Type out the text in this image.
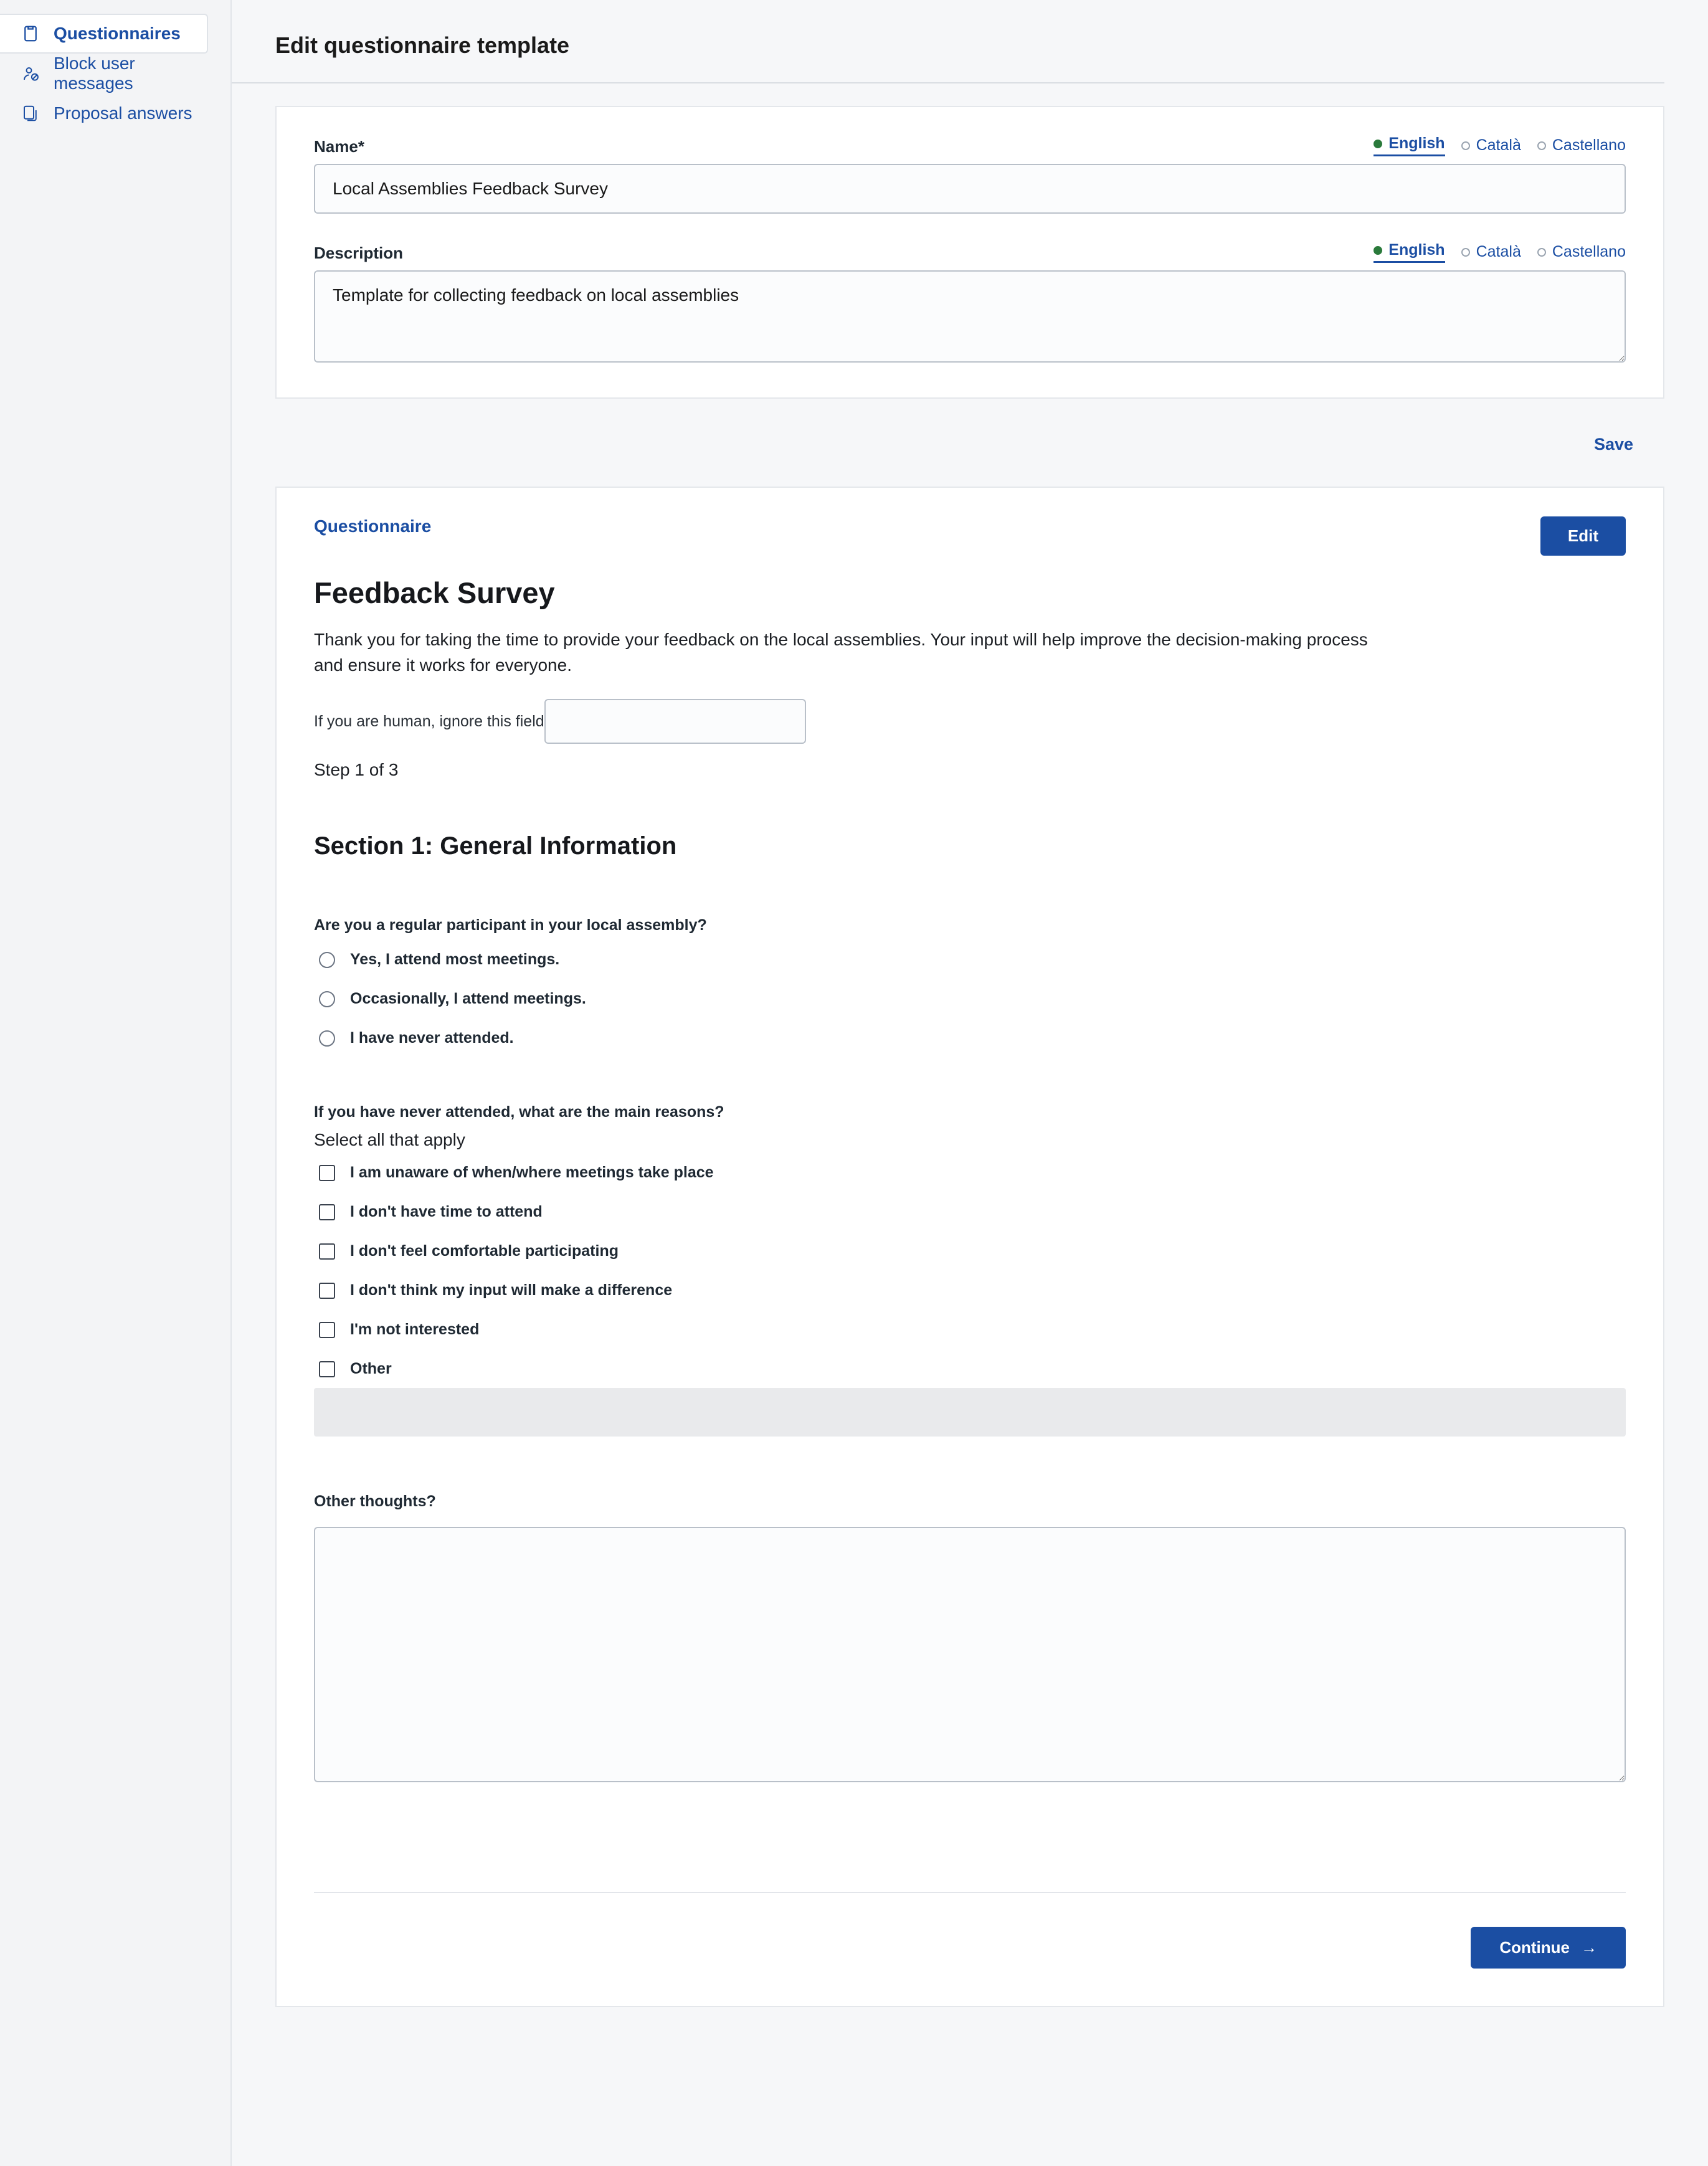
Questionnaires
Block user messages
Proposal answers
Edit questionnaire template
Name*	English Català Castellano
Local Assemblies Feedback Survey
Description	English Català Castellano
Template for collecting feedback on local assemblies
Save
Questionnaire	Edit
Feedback Survey

Thank you for taking the time to provide your feedback on the local assemblies. Your input will help improve the decision-making process and ensure it works for everyone.

If you are human, ignore this field
Step 1 of 3
Section 1: General Information
Are you a regular participant in your local assembly?
Yes, I attend most meetings.
Occasionally, I attend meetings.
I have never attended.
If you have never attended, what are the main reasons?
Select all that apply
I am unaware of when/where meetings take place
I don't have time to attend
I don't feel comfortable participating
I don't think my input will make a difference
I'm not interested
Other
Other thoughts?
Continue →
